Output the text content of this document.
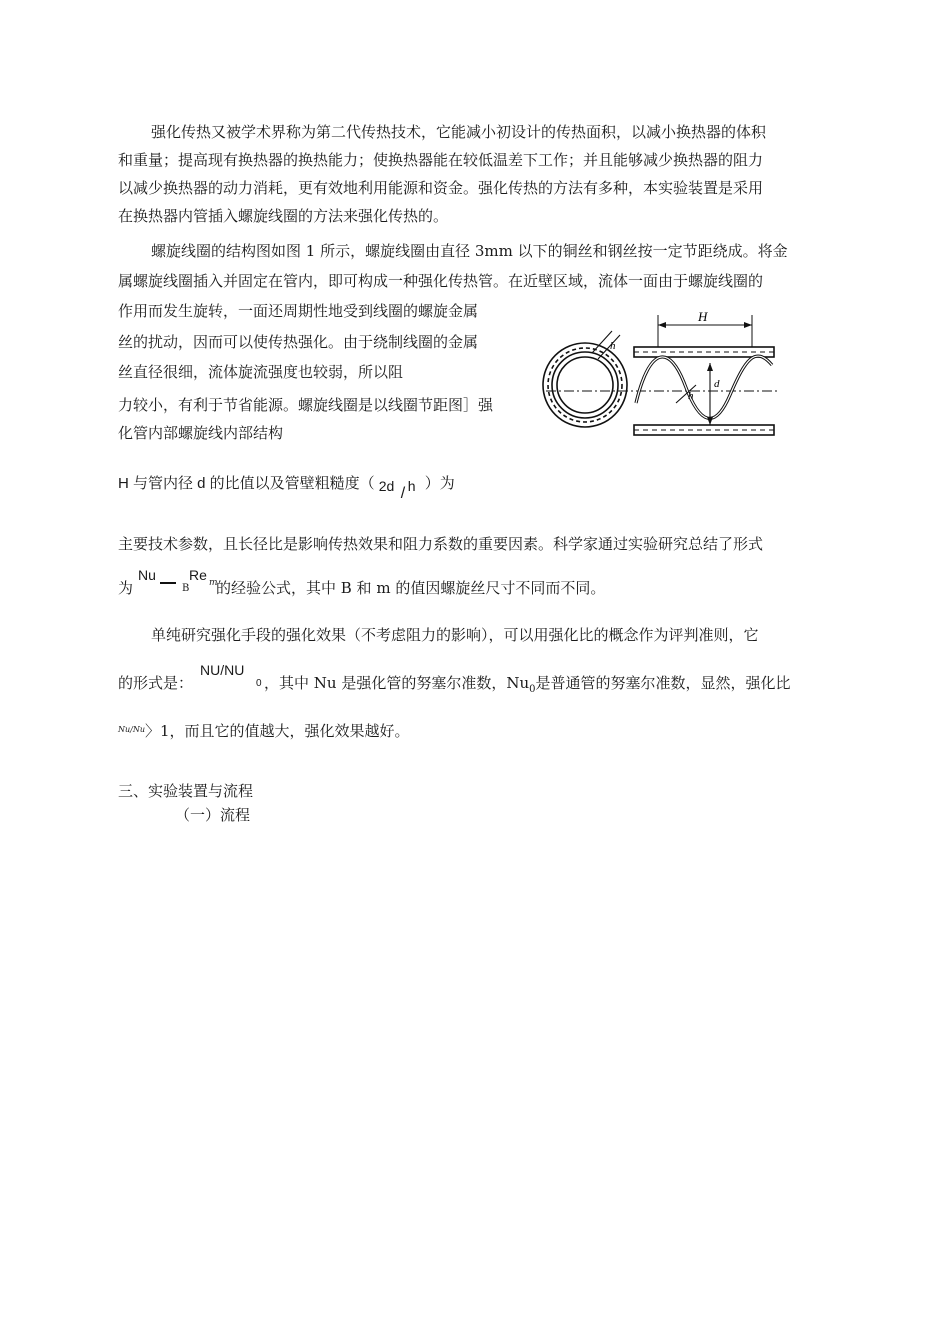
强化传热又被学术界称为第二代传热技术，它能减小初设计的传热面积，以减小换热器的体积
和重量；提高现有换热器的换热能力；使换热器能在较低温差下工作；并且能够减少换热器的阻力
以减少换热器的动力消耗，更有效地利用能源和资金。强化传热的方法有多种，本实验装置是采用
在换热器内管插入螺旋线圈的方法来强化传热的。
螺旋线圈的结构图如图 1 所示，螺旋线圈由直径 3mm 以下的铜丝和钢丝按一定节距绕成。将金
属螺旋线圈插入并固定在管内，即可构成一种强化传热管。在近壁区域，流体一面由于螺旋线圈的
作用而发生旋转，一面还周期性地受到线圈的螺旋金属
丝的扰动，因而可以使传热强化。由于绕制线圈的金属
丝直径很细，流体旋流强度也较弱，所以阻
力较小，有利于节省能源。螺旋线圈是以线圈节距图］强
化管内部螺旋线内部结构
H
h
h
d
H 与管内径 d 的比值以及管壁粗糙度（ 2d / h ）为
主要技术参数，且长径比是影响传热效果和阻力系数的重要因素。科学家通过实验研究总结了形式
为
Nu
B
Re m
的经验公式，其中 B 和 m 的值因螺旋丝尺寸不同而不同。
单纯研究强化手段的强化效果（不考虑阻力的影响），可以用强化比的概念作为评判准则，它
的形式是：
NU/NU
0 ，其中 Nu 是强化管的努塞尔准数，$Nu_0$是普通管的努塞尔准数，显然，强化比
$^{Nu/Nu}$〉1，而且它的值越大，强化效果越好。
三、实验装置与流程
（一）流程
